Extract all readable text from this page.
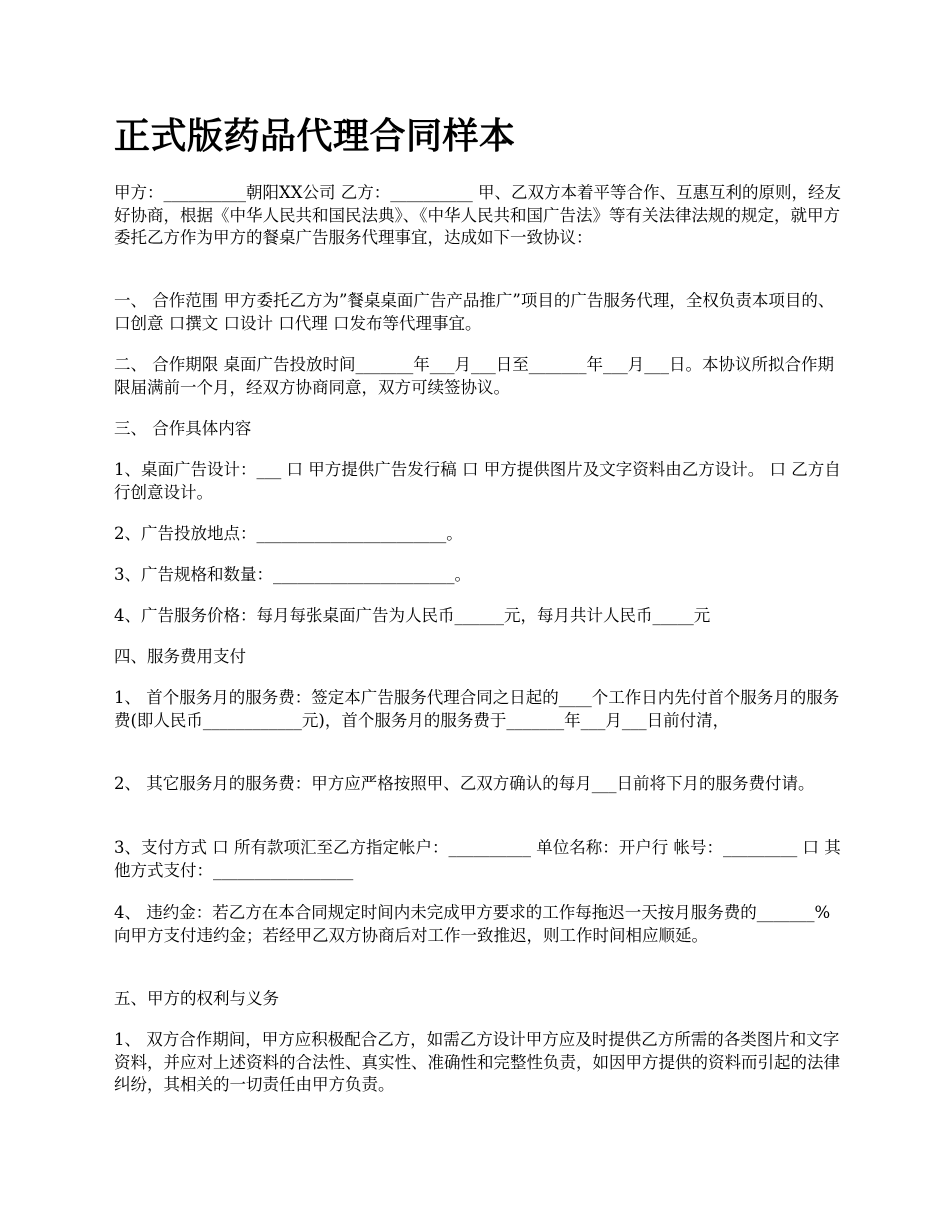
正式版药品代理合同样本

甲方：__________朝阳XX公司 乙方：__________ 甲、乙双方本着平等合作、互惠互利的原则，经友好协商，根据《中华人民共和国民法典》、《中华人民共和国广告法》等有关法律法规的规定，就甲方委托乙方作为甲方的餐桌广告服务代理事宜，达成如下一致协议：

一、 合作范围 甲方委托乙方为”餐桌桌面广告产品推广”项目的广告服务代理，全权负责本项目的、口创意 口撰文 口设计 口代理 口发布等代理事宜。

二、 合作期限 桌面广告投放时间_______年___月___日至_______年___月___日。本协议所拟合作期限届满前一个月，经双方协商同意，双方可续签协议。

三、 合作具体内容

1、桌面广告设计：___ 口 甲方提供广告发行稿 口 甲方提供图片及文字资料由乙方设计。 口 乙方自行创意设计。

2、广告投放地点：_______________________。

3、广告规格和数量：______________________。

4、广告服务价格：每月每张桌面广告为人民币______元，每月共计人民币_____元

四、服务费用支付

1、 首个服务月的服务费：签定本广告服务代理合同之日起的____个工作日内先付首个服务月的服务费(即人民币____________元)，首个服务月的服务费于_______年___月___日前付清，

2、 其它服务月的服务费：甲方应严格按照甲、乙双方确认的每月___日前将下月的服务费付请。

3、支付方式 口 所有款项汇至乙方指定帐户：__________ 单位名称：开户行 帐号：_________ 口 其他方式支付：_________________

4、 违约金：若乙方在本合同规定时间内未完成甲方要求的工作每拖迟一天按月服务费的_______%向甲方支付违约金；若经甲乙双方协商后对工作一致推迟，则工作时间相应顺延。

五、甲方的权利与义务

1、 双方合作期间，甲方应积极配合乙方，如需乙方设计甲方应及时提供乙方所需的各类图片和文字资料，并应对上述资料的合法性、真实性、准确性和完整性负责，如因甲方提供的资料而引起的法律纠纷，其相关的一切责任由甲方负责。
